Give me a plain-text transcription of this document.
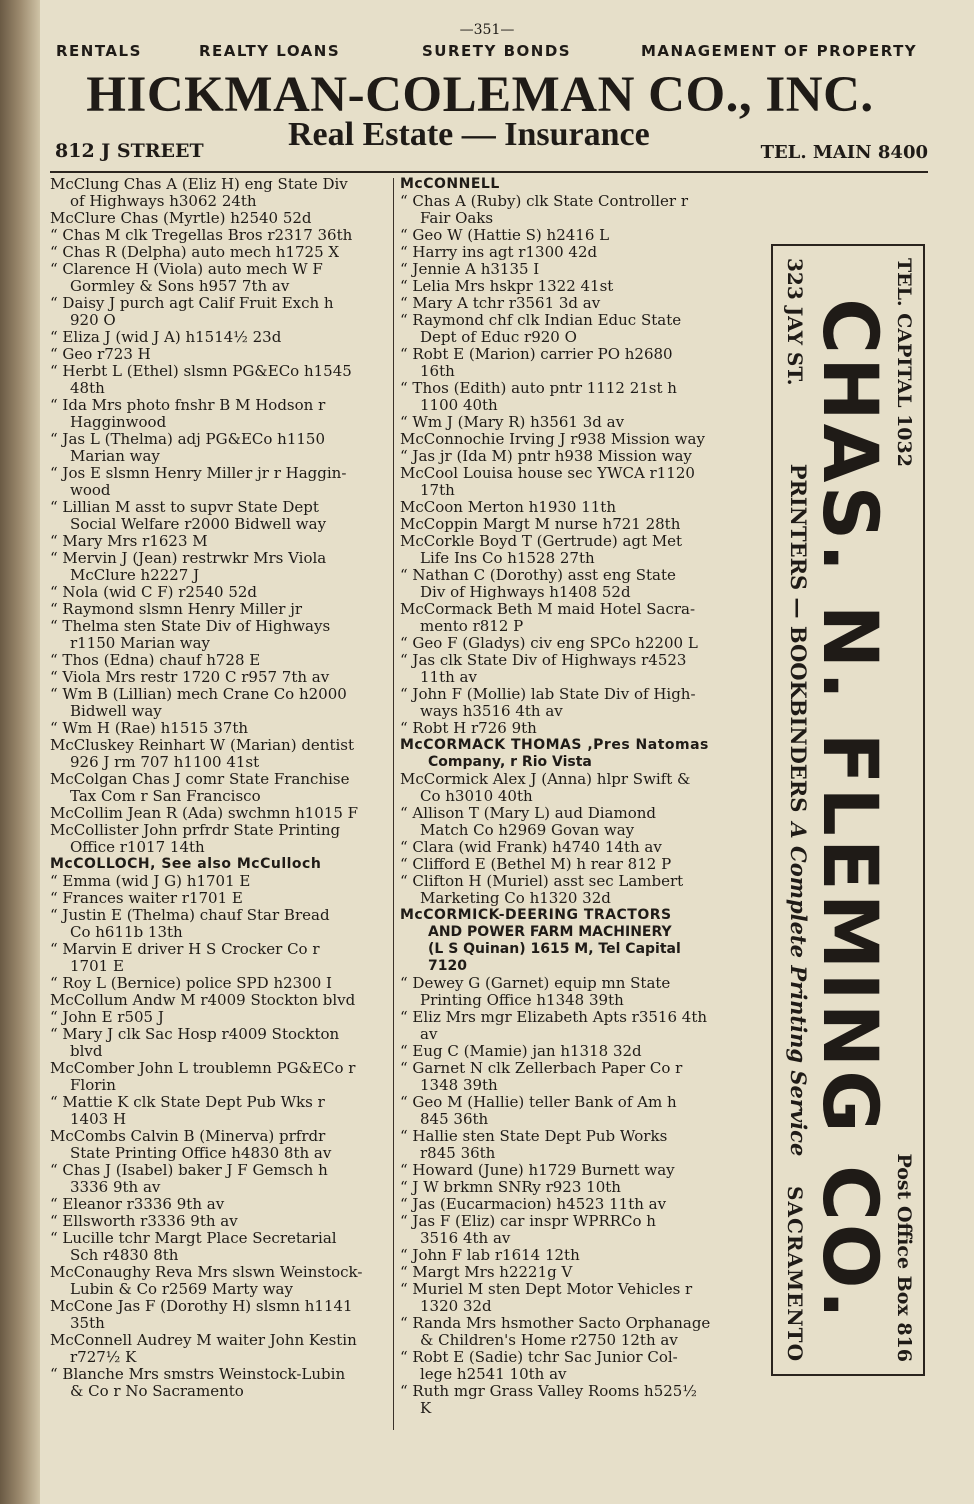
—351—
RENTALS	REALTY LOANS	SURETY BONDS	MANAGEMENT OF PROPERTY
HICKMAN-COLEMAN CO., INC.
812 J STREET Real Estate — Insurance	TEL. MAIN 8400
McClung Chas A (Eliz H) eng State Div
of Highways h3062 24th
McClure Chas (Myrtle) h2540 52d
“ Chas M clk Tregellas Bros r2317 36th
“ Chas R (Delpha) auto mech h1725 X
“ Clarence H (Viola) auto mech W F
Gormley & Sons h957 7th av
“ Daisy J purch agt Calif Fruit Exch h
920 O
“ Eliza J (wid J A) h1514½ 23d
“ Geo r723 H
“ Herbt L (Ethel) slsmn PG&ECo h1545
48th
“ Ida Mrs photo fnshr B M Hodson r
Hagginwood
“ Jas L (Thelma) adj PG&ECo h1150
Marian way
“ Jos E slsmn Henry Miller jr r Haggin-
wood
“ Lillian M asst to supvr State Dept
Social Welfare r2000 Bidwell way
“ Mary Mrs r1623 M
“ Mervin J (Jean) restrwkr Mrs Viola
McClure h2227 J
“ Nola (wid C F) r2540 52d
“ Raymond slsmn Henry Miller jr
“ Thelma sten State Div of Highways
r1150 Marian way
“ Thos (Edna) chauf h728 E
“ Viola Mrs restr 1720 C r957 7th av
“ Wm B (Lillian) mech Crane Co h2000
Bidwell way
“ Wm H (Rae) h1515 37th
McCluskey Reinhart W (Marian) dentist
926 J rm 707 h1100 41st
McColgan Chas J comr State Franchise
Tax Com r San Francisco
McCollim Jean R (Ada) swchmn h1015 F
McCollister John prfrdr State Printing
Office r1017 14th
McCOLLOCH, See also McCulloch
“ Emma (wid J G) h1701 E
“ Frances waiter r1701 E
“ Justin E (Thelma) chauf Star Bread
Co h611b 13th
“ Marvin E driver H S Crocker Co r
1701 E
“ Roy L (Bernice) police SPD h2300 I
McCollum Andw M r4009 Stockton blvd
“ John E r505 J
“ Mary J clk Sac Hosp r4009 Stockton
blvd
McComber John L troublemn PG&ECo r
Florin
“ Mattie K clk State Dept Pub Wks r
1403 H
McCombs Calvin B (Minerva) prfrdr
State Printing Office h4830 8th av
“ Chas J (Isabel) baker J F Gemsch h
3336 9th av
“ Eleanor r3336 9th av
“ Ellsworth r3336 9th av
“ Lucille tchr Margt Place Secretarial
Sch r4830 8th
McConaughy Reva Mrs slswn Weinstock-
Lubin & Co r2569 Marty way
McCone Jas F (Dorothy H) slsmn h1141
35th
McConnell Audrey M waiter John Kestin
r727½ K
“ Blanche Mrs smstrs Weinstock-Lubin
& Co r No Sacramento
McCONNELL
“ Chas A (Ruby) clk State Controller r
Fair Oaks
“ Geo W (Hattie S) h2416 L
“ Harry ins agt r1300 42d
“ Jennie A h3135 I
“ Lelia Mrs hskpr 1322 41st
“ Mary A tchr r3561 3d av
“ Raymond chf clk Indian Educ State
Dept of Educ r920 O
“ Robt E (Marion) carrier PO h2680
16th
“ Thos (Edith) auto pntr 1112 21st h
1100 40th
“ Wm J (Mary R) h3561 3d av
McConnochie Irving J r938 Mission way
“ Jas jr (Ida M) pntr h938 Mission way
McCool Louisa house sec YWCA r1120
17th
McCoon Merton h1930 11th
McCoppin Margt M nurse h721 28th
McCorkle Boyd T (Gertrude) agt Met
Life Ins Co h1528 27th
“ Nathan C (Dorothy) asst eng State
Div of Highways h1408 52d
McCormack Beth M maid Hotel Sacra-
mento r812 P
“ Geo F (Gladys) civ eng SPCo h2200 L
“ Jas clk State Div of Highways r4523
11th av
“ John F (Mollie) lab State Div of High-
ways h3516 4th av
“ Robt H r726 9th
McCORMACK THOMAS ,Pres Natomas
Company, r Rio Vista
McCormick Alex J (Anna) hlpr Swift &
Co h3010 40th
“ Allison T (Mary L) aud Diamond
Match Co h2969 Govan way
“ Clara (wid Frank) h4740 14th av
“ Clifford E (Bethel M) h rear 812 P
“ Clifton H (Muriel) asst sec Lambert
Marketing Co h1320 32d
McCORMICK-DEERING TRACTORS
AND POWER FARM MACHINERY
(L S Quinan) 1615 M, Tel Capital
7120
“ Dewey G (Garnet) equip mn State
Printing Office h1348 39th
“ Eliz Mrs mgr Elizabeth Apts r3516 4th
av
“ Eug C (Mamie) jan h1318 32d
“ Garnet N clk Zellerbach Paper Co r
1348 39th
“ Geo M (Hallie) teller Bank of Am h
845 36th
“ Hallie sten State Dept Pub Works
r845 36th
“ Howard (June) h1729 Burnett way
“ J W brkmn SNRy r923 10th
“ Jas (Eucarmacion) h4523 11th av
“ Jas F (Eliz) car inspr WPRRCo h
3516 4th av
“ John F lab r1614 12th
“ Margt Mrs h2221g V
“ Muriel M sten Dept Motor Vehicles r
1320 32d
“ Randa Mrs hsmother Sacto Orphanage
& Children's Home r2750 12th av
“ Robt E (Sadie) tchr Sac Junior Col-
lege h2541 10th av
“ Ruth mgr Grass Valley Rooms h525½
K
TEL. CAPITAL 1032
Post Office Box 816
CHAS. N. FLEMING CO.
323 JAY ST.
PRINTERS — BOOKBINDERSA Complete Printing Service
SACRAMENTO
